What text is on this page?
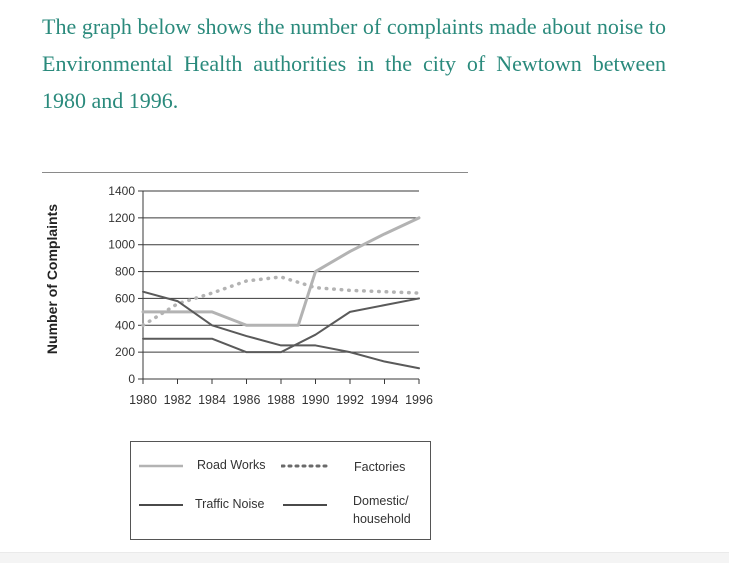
The graph below shows the number of complaints made about noise to Environmental Health authorities in the city of Newtown between 1980 and 1996.
Number of Complaints
0
200
400
600
800
1000
1200
1400
1980 1982 1984 1986 1988 1990 1992 1994 1996
Road Works	Factories
Traffic Noise	Domestic/
household
